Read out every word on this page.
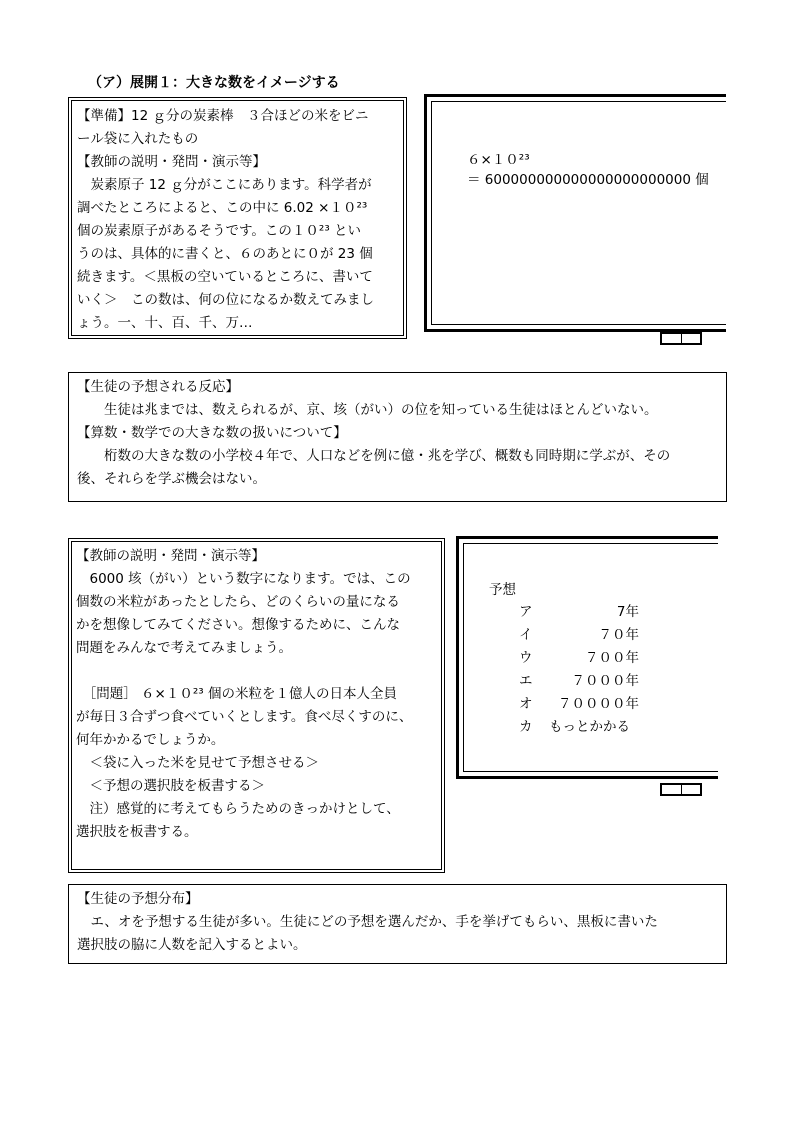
（ア）展開１：大きな数をイメージする

【準備】12 ｇ分の炭素棒　３合ほどの米をビニ

ール袋に入れたもの

【教師の説明・発問・演示等】

　炭素原子 12 ｇ分がここにあります。科学者が

調べたところによると、この中に 6.02 ×１０²³

個の炭素原子があるそうです。この１０²³ とい

うのは、具体的に書くと、６のあとに０が 23 個

続きます。＜黒板の空いているところに、書いて

いく＞　この数は、何の位になるか数えてみまし

ょう。一、十、百、千、万…

６×１０²³
＝ 600000000000000000000000 個

【生徒の予想される反応】

　　生徒は兆までは、数えられるが、京、垓（がい）の位を知っている生徒はほとんどいない。

【算数・数学での大きな数の扱いについて】

　　桁数の大きな数の小学校４年で、人口などを例に億・兆を学び、概数も同時期に学ぶが、その

後、それらを学ぶ機会はない。

【教師の説明・発問・演示等】

　6000 垓（がい）という数字になります。では、この

個数の米粒があったとしたら、どのくらいの量になる

かを想像してみてください。想像するために、こんな

問題をみんなで考えてみましょう。

　［問題］ ６×１０²³ 個の米粒を１億人の日本人全員

が毎日３合ずつ食べていくとします。食べ尽くすのに、

何年かかるでしょうか。

　＜袋に入った米を見せて予想させる＞

　＜予想の選択肢を板書する＞

　注）感覚的に考えてもらうためのきっかけとして、

選択肢を板書する。

予想
ア	7年
イ	７０年
ウ	７００年
エ	７０００年
オ	７００００年
カ	もっとかかる

【生徒の予想分布】

　エ、オを予想する生徒が多い。生徒にどの予想を選んだか、手を挙げてもらい、黒板に書いた

選択肢の脇に人数を記入するとよい。
